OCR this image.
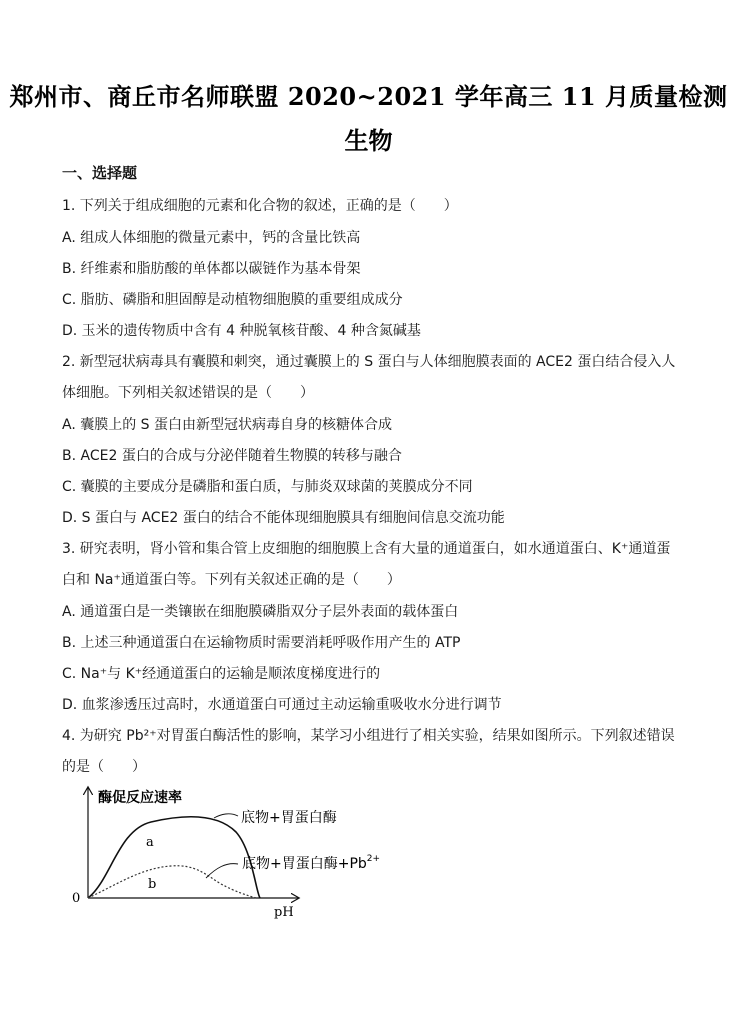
郑州市、商丘市名师联盟 2020~2021 学年高三 11 月质量检测
生物
一、选择题
1. 下列关于组成细胞的元素和化合物的叙述，正确的是（　　）
A. 组成人体细胞的微量元素中，钙的含量比铁高
B. 纤维素和脂肪酸的单体都以碳链作为基本骨架
C. 脂肪、磷脂和胆固醇是动植物细胞膜的重要组成成分
D. 玉米的遗传物质中含有 4 种脱氧核苷酸、4 种含氮碱基
2. 新型冠状病毒具有囊膜和刺突，通过囊膜上的 S 蛋白与人体细胞膜表面的 ACE2 蛋白结合侵入人
体细胞。下列相关叙述错误的是（　　）
A. 囊膜上的 S 蛋白由新型冠状病毒自身的核糖体合成
B. ACE2 蛋白的合成与分泌伴随着生物膜的转移与融合
C. 囊膜的主要成分是磷脂和蛋白质，与肺炎双球菌的荚膜成分不同
D. S 蛋白与 ACE2 蛋白的结合不能体现细胞膜具有细胞间信息交流功能
3. 研究表明，肾小管和集合管上皮细胞的细胞膜上含有大量的通道蛋白，如水通道蛋白、K⁺通道蛋
白和 Na⁺通道蛋白等。下列有关叙述正确的是（　　）
A. 通道蛋白是一类镶嵌在细胞膜磷脂双分子层外表面的载体蛋白
B. 上述三种通道蛋白在运输物质时需要消耗呼吸作用产生的 ATP
C. Na⁺与 K⁺经通道蛋白的运输是顺浓度梯度进行的
D. 血浆渗透压过高时，水通道蛋白可通过主动运输重吸收水分进行调节
4. 为研究 Pb²⁺对胃蛋白酶活性的影响，某学习小组进行了相关实验，结果如图所示。下列叙述错误
的是（　　）
酶促反应速率
0
pH
a
b
底物+胃蛋白酶
底物+胃蛋白酶$+Pb^{2+}$
